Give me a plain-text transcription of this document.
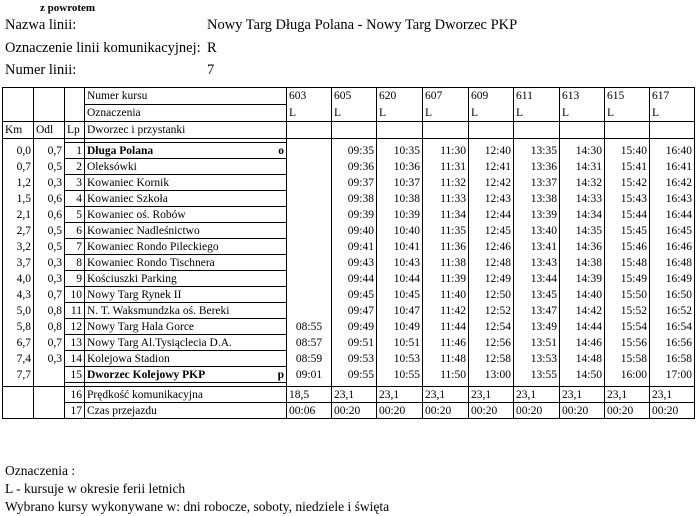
z powrotem
Nazwa linii:	Nowy Targ Długa Polana - Nowy Targ Dworzec PKP
Oznaczenie linii komunikacyjnej: R
Numer linii:	7
			Numer kursu	603	605	620	607	609	611	613	615	617
			Oznaczenia	L	L	L	L	L	L	L	L	L
Km	Odl	Lp	Dworzec i przystanki									

0,0	0,7	1	Długa Polana o		09:35	10:35	11:30	12:40	13:35	14:30	15:40	16:40
0,7	0,5	2	Oleksówki		09:36	10:36	11:31	12:41	13:36	14:31	15:41	16:41
1,2	0,3	3	Kowaniec Kornik		09:37	10:37	11:32	12:42	13:37	14:32	15:42	16:42
1,5	0,6	4	Kowaniec Szkoła		09:38	10:38	11:33	12:43	13:38	14:33	15:43	16:43
2,1	0,6	5	Kowaniec oś. Robów		09:39	10:39	11:34	12:44	13:39	14:34	15:44	16:44
2,7	0,5	6	Kowaniec Nadleśnictwo		09:40	10:40	11:35	12:45	13:40	14:35	15:45	16:45
3,2	0,5	7	Kowaniec Rondo Pileckiego		09:41	10:41	11:36	12:46	13:41	14:36	15:46	16:46
3,7	0,3	8	Kowaniec Rondo Tischnera		09:43	10:43	11:38	12:48	13:43	14:38	15:48	16:48
4,0	0,3	9	Kościuszki Parking		09:44	10:44	11:39	12:49	13:44	14:39	15:49	16:49
4,3	0,7	10	Nowy Targ Rynek II		09:45	10:45	11:40	12:50	13:45	14:40	15:50	16:50
5,0	0,8	11	N. T. Waksmundzka oś. Bereki		09:47	10:47	11:42	12:52	13:47	14:42	15:52	16:52
5,8	0,8	12	Nowy Targ Hala Gorce	08:55	09:49	10:49	11:44	12:54	13:49	14:44	15:54	16:54
6,7	0,7	13	Nowy Targ Al.Tysiąclecia D.A.	08:57	09:51	10:51	11:46	12:56	13:51	14:46	15:56	16:56
7,4	0,3	14	Kolejowa Stadion	08:59	09:53	10:53	11:48	12:58	13:53	14:48	15:58	16:58
7,7		15	Dworzec Kolejowy PKP p	09:01	09:55	10:55	11:50	13:00	13:55	14:50	16:00	17:00

		16	Prędkość komunikacyjna	18,5	23,1	23,1	23,1	23,1	23,1	23,1	23,1	23,1
		17	Czas przejazdu	00:06	00:20	00:20	00:20	00:20	00:20	00:20	00:20	00:20
Oznaczenia :
L - kursuje w okresie ferii letnich
Wybrano kursy wykonywane w: dni robocze, soboty, niedziele i święta
